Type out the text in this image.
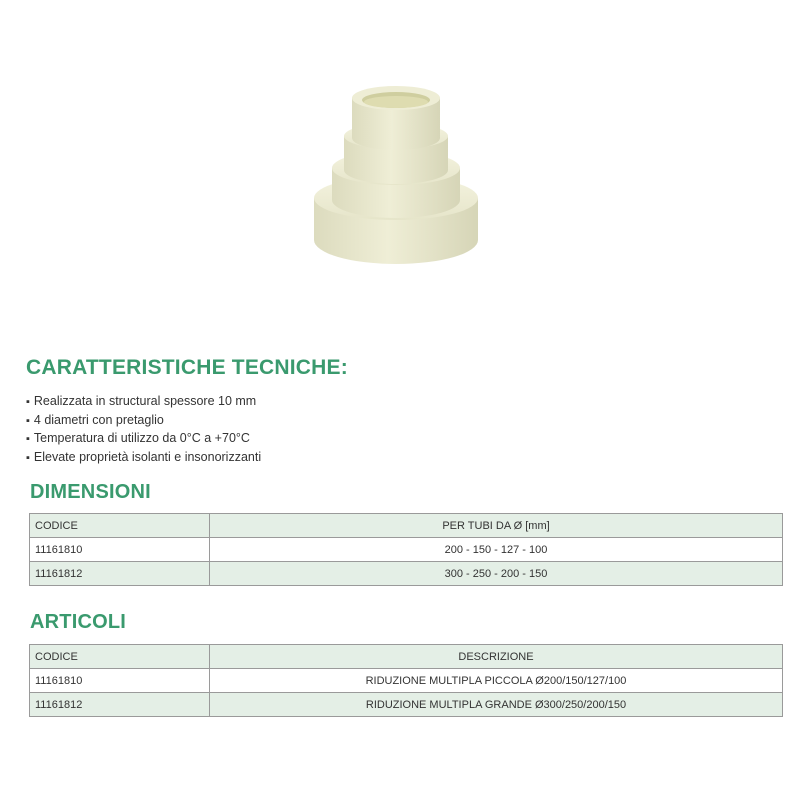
CARATTERISTICHE TECNICHE:
▪ Realizzata in structural spessore 10 mm
▪ 4 diametri con pretaglio
▪ Temperatura di utilizzo da 0°C a +70°C
▪ Elevate proprietà isolanti e insonorizzanti
DIMENSIONI
CODICE	PER TUBI DA Ø [mm]
11161810	200 - 150 - 127 - 100
11161812	300 - 250 - 200 - 150
ARTICOLI
CODICE	DESCRIZIONE
11161810	RIDUZIONE MULTIPLA PICCOLA Ø200/150/127/100
11161812	RIDUZIONE MULTIPLA GRANDE Ø300/250/200/150
